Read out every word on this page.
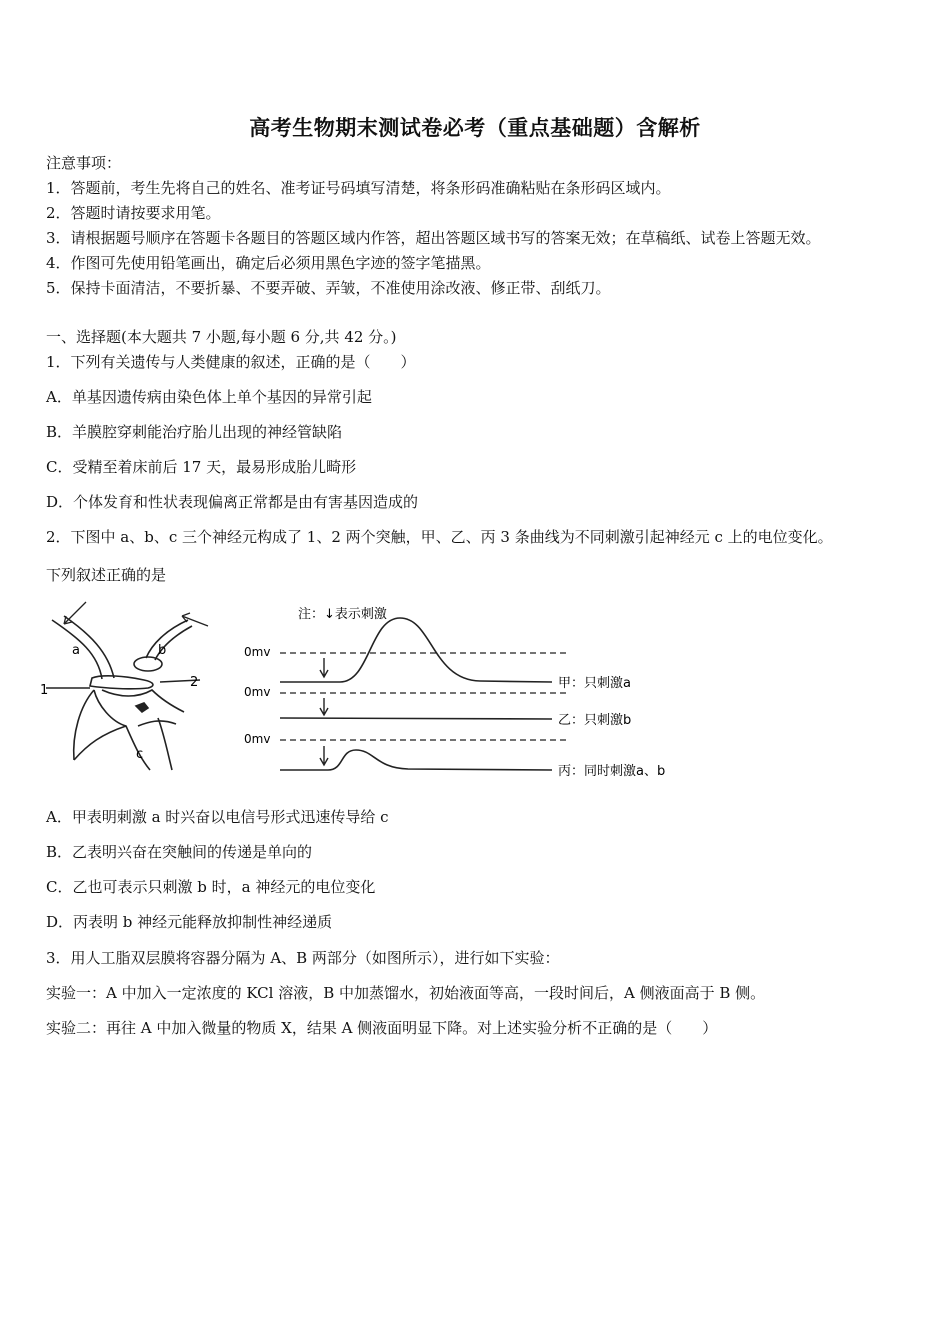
高考生物期末测试卷必考（重点基础题）含解析
注意事项：
1．答题前，考生先将自己的姓名、准考证号码填写清楚，将条形码准确粘贴在条形码区域内。
2．答题时请按要求用笔。
3．请根据题号顺序在答题卡各题目的答题区域内作答，超出答题区域书写的答案无效；在草稿纸、试卷上答题无效。
4．作图可先使用铅笔画出，确定后必须用黑色字迹的签字笔描黑。
5．保持卡面清洁，不要折暴、不要弄破、弄皱，不准使用涂改液、修正带、刮纸刀。
一、选择题(本大题共 7 小题,每小题 6 分,共 42 分。)
1．下列有关遗传与人类健康的叙述，正确的是（　　）
A．单基因遗传病由染色体上单个基因的异常引起
B．羊膜腔穿刺能治疗胎儿出现的神经管缺陷
C．受精至着床前后 17 天，最易形成胎儿畸形
D．个体发育和性状表现偏离正常都是由有害基因造成的
2．下图中 a、b、c 三个神经元构成了 1、2 两个突触，甲、乙、丙 3 条曲线为不同刺激引起神经元 c 上的电位变化。
下列叙述正确的是
a	b
1
2
c
注：↓表示刺激
0mv
甲：只刺激a
0mv
乙：只刺激b
0mv
丙：同时刺激a、b
A．甲表明刺激 a 时兴奋以电信号形式迅速传导给 c
B．乙表明兴奋在突触间的传递是单向的
C．乙也可表示只刺激 b 时，a 神经元的电位变化
D．丙表明 b 神经元能释放抑制性神经递质
3．用人工脂双层膜将容器分隔为 A、B 两部分（如图所示），进行如下实验：
实验一：A 中加入一定浓度的 KCl 溶液，B 中加蒸馏水，初始液面等高，一段时间后，A 侧液面高于 B 侧。
实验二：再往 A 中加入微量的物质 X，结果 A 侧液面明显下降。对上述实验分析不正确的是（　　）
